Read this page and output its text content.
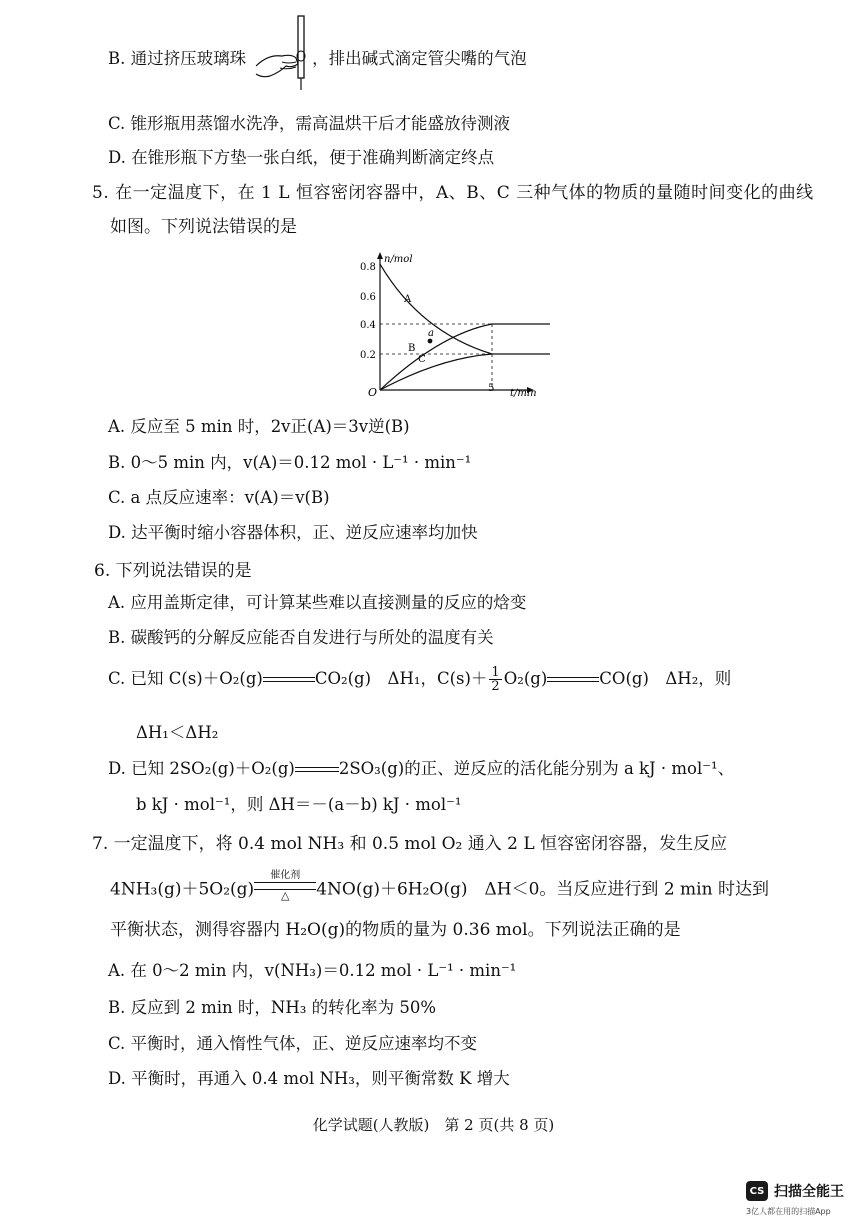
B. 通过挤压玻璃珠	，排出碱式滴定管尖嘴的气泡
C. 锥形瓶用蒸馏水洗净，需高温烘干后才能盛放待测液
D. 在锥形瓶下方垫一张白纸，便于准确判断滴定终点
5. 在一定温度下，在 1 L 恒容密闭容器中，A、B、C 三种气体的物质的量随时间变化的曲线
如图。下列说法错误的是
n/mol
t/min
O
0.8
0.6
0.4
0.2
5
A
B
C
a
A. 反应至 5 min 时，2v正(A)＝3v逆(B)
B. 0～5 min 内，v(A)＝0.12 mol · L⁻¹ · min⁻¹
C. a 点反应速率：v(A)＝v(B)
D. 达平衡时缩小容器体积，正、逆反应速率均加快
6. 下列说法错误的是
A. 应用盖斯定律，可计算某些难以直接测量的反应的焓变
B. 碳酸钙的分解反应能否自发进行与所处的温度有关
C. 已知 C(s)＋O₂(g)	CO₂(g)　ΔH₁，$C(s)+ \frac{1}{2} O_2(g)$	CO(g)　ΔH₂，则
ΔH₁＜ΔH₂
D. 已知 2SO₂(g)＋O₂(g)	2SO₃(g)的正、逆反应的活化能分别为 a kJ · mol⁻¹、
b kJ · mol⁻¹，则 ΔH＝－(a－b) kJ · mol⁻¹
7. 一定温度下，将 0.4 mol NH₃ 和 0.5 mol O₂ 通入 2 L 恒容密闭容器，发生反应
4NH₃(g)＋5O₂(g)
催化剂
△	4NO(g)＋6H₂O(g)　ΔH＜0。当反应进行到 2 min 时达到
平衡状态，测得容器内 H₂O(g)的物质的量为 0.36 mol。下列说法正确的是
A. 在 0～2 min 内，v(NH₃)＝0.12 mol · L⁻¹ · min⁻¹
B. 反应到 2 min 时，NH₃ 的转化率为 50%
C. 平衡时，通入惰性气体，正、逆反应速率均不变
D. 平衡时，再通入 0.4 mol NH₃，则平衡常数 K 增大
化学试题(人教版)　第 2 页(共 8 页)
CS 扫描全能王
3亿人都在用的扫描App
